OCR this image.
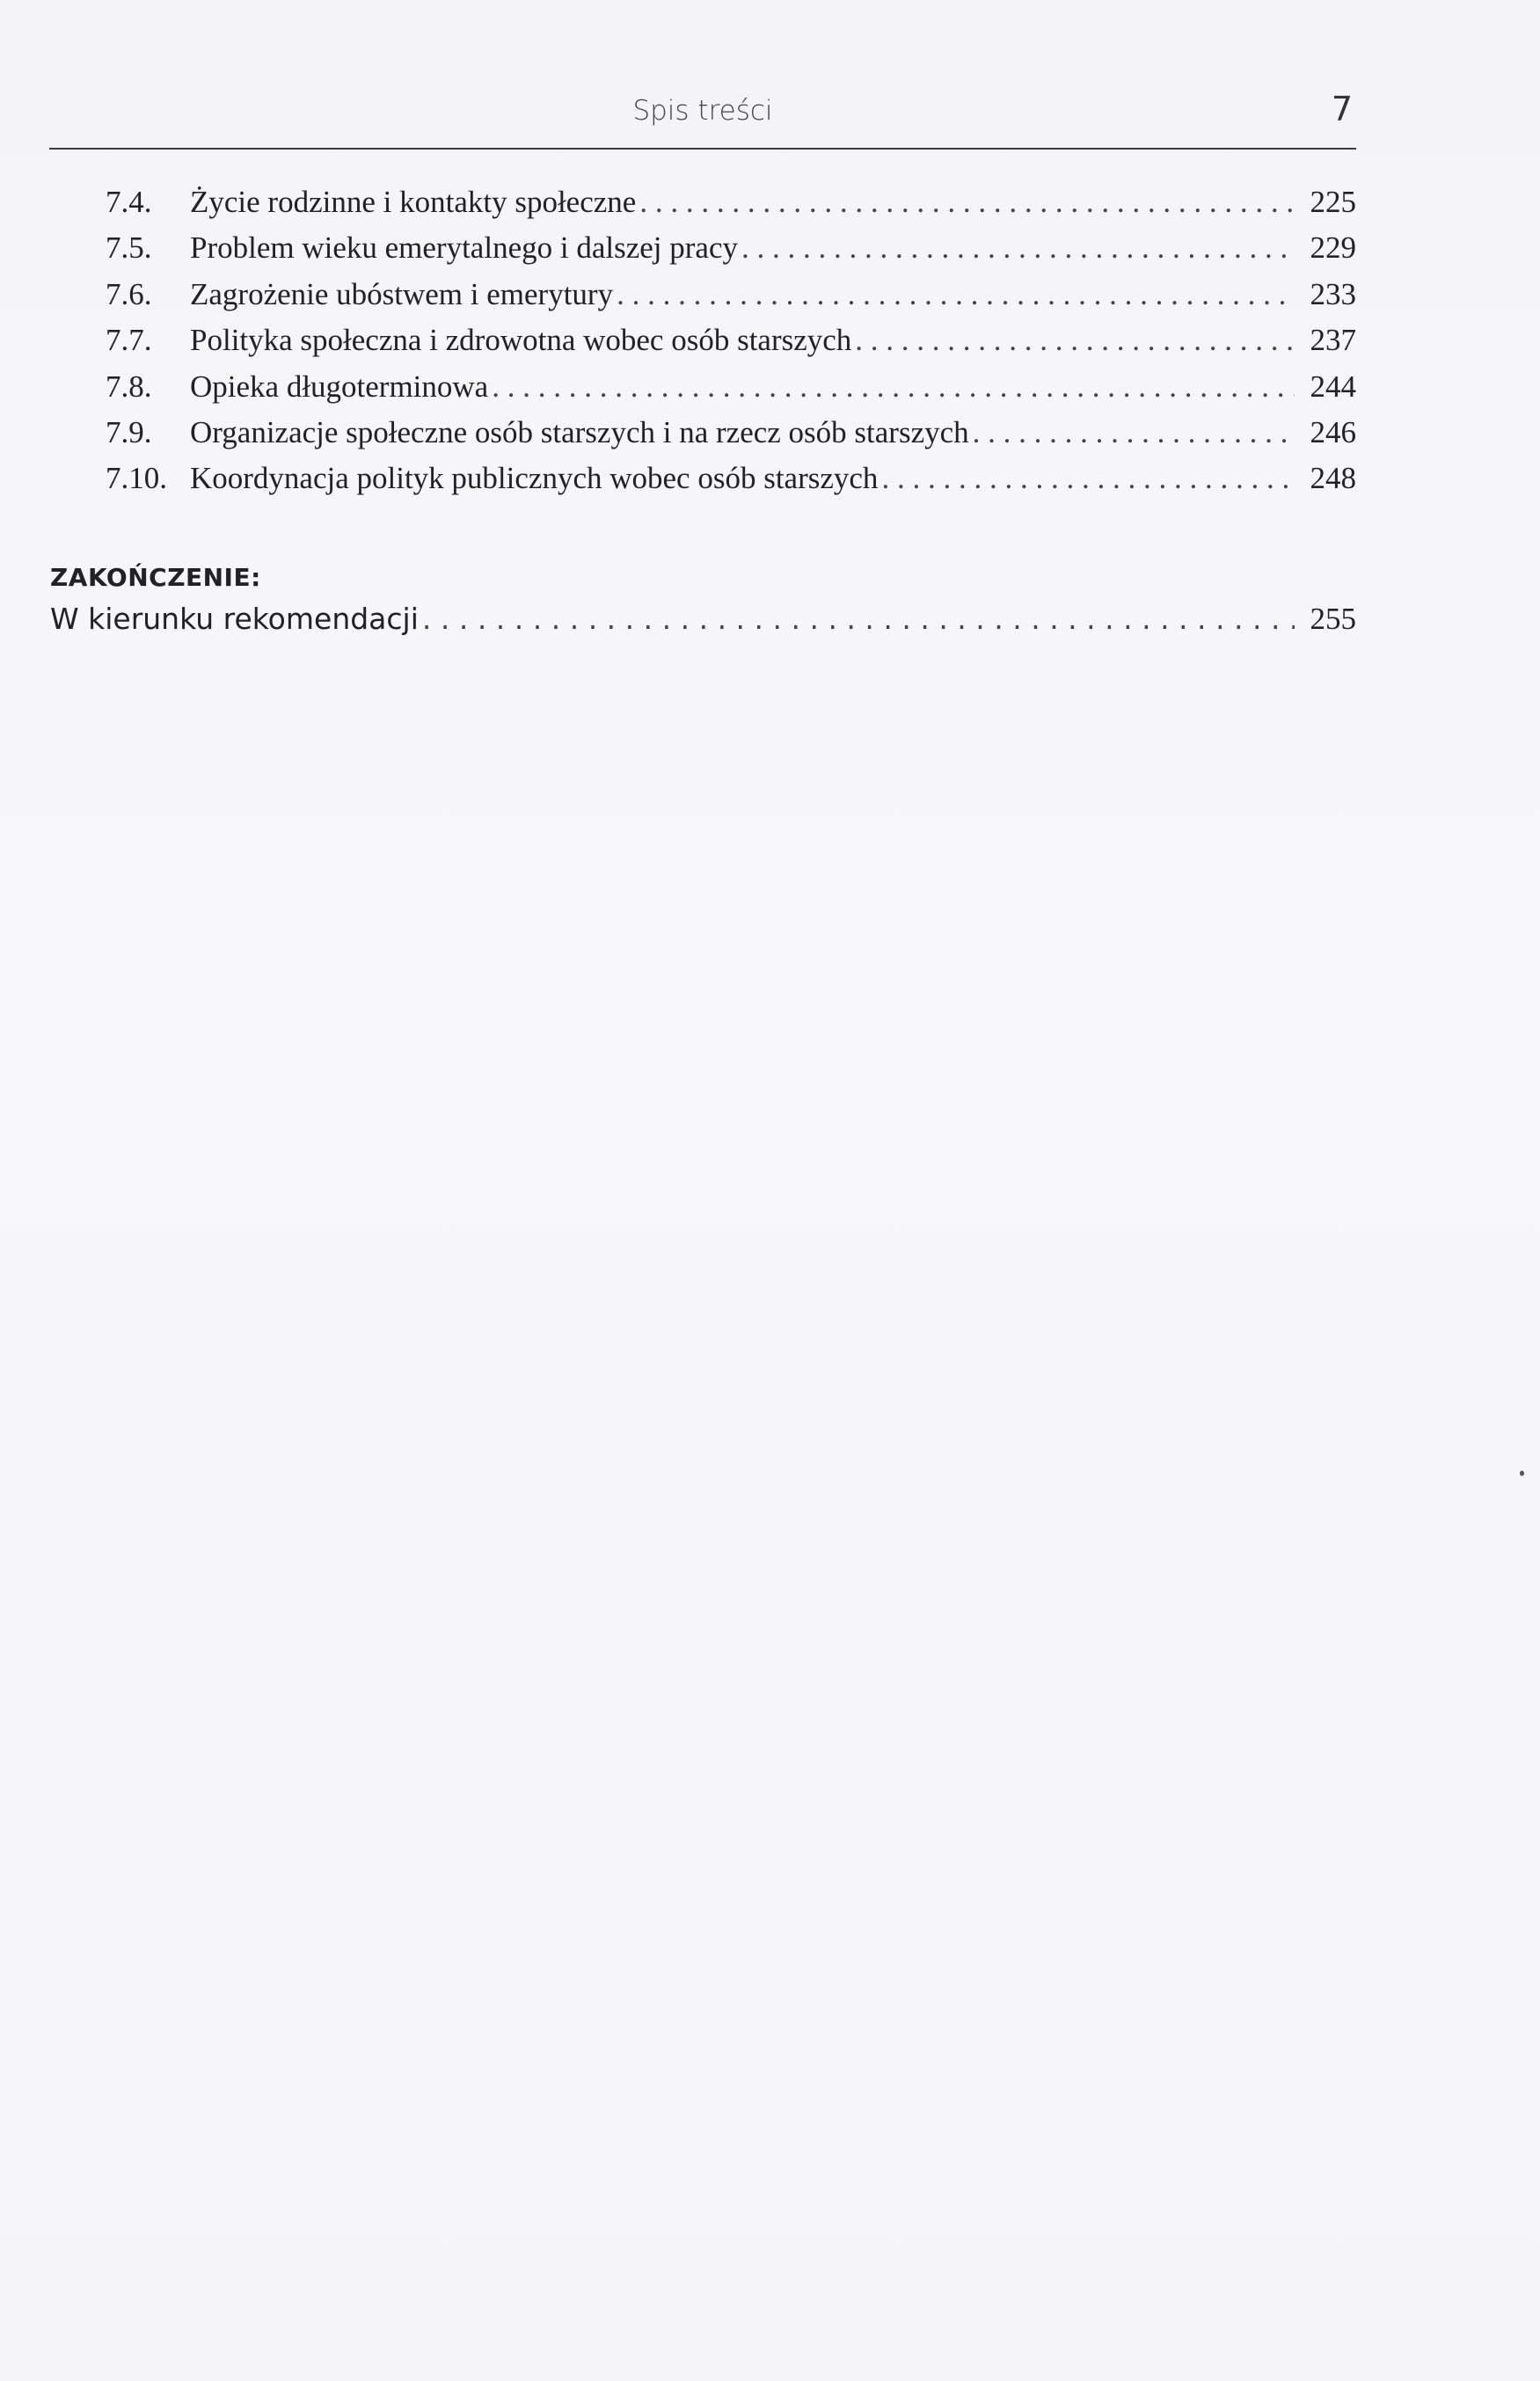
Spis treści	7
7.4.	Życie rodzinne i kontakty społeczne . . .	225
7.5.	Problem wieku emerytalnego i dalszej pracy . . .	229
7.6.	Zagrożenie ubóstwem i emerytury . . .	233
7.7.	Polityka społeczna i zdrowotna wobec osób starszych . . .	237
7.8.	Opieka długoterminowa . . .	244
7.9.	Organizacje społeczne osób starszych i na rzecz osób starszych . . .	246
7.10. Koordynacja polityk publicznych wobec osób starszych . . .	248
ZAKOŃCZENIE:
W kierunku rekomendacji . . .	255
